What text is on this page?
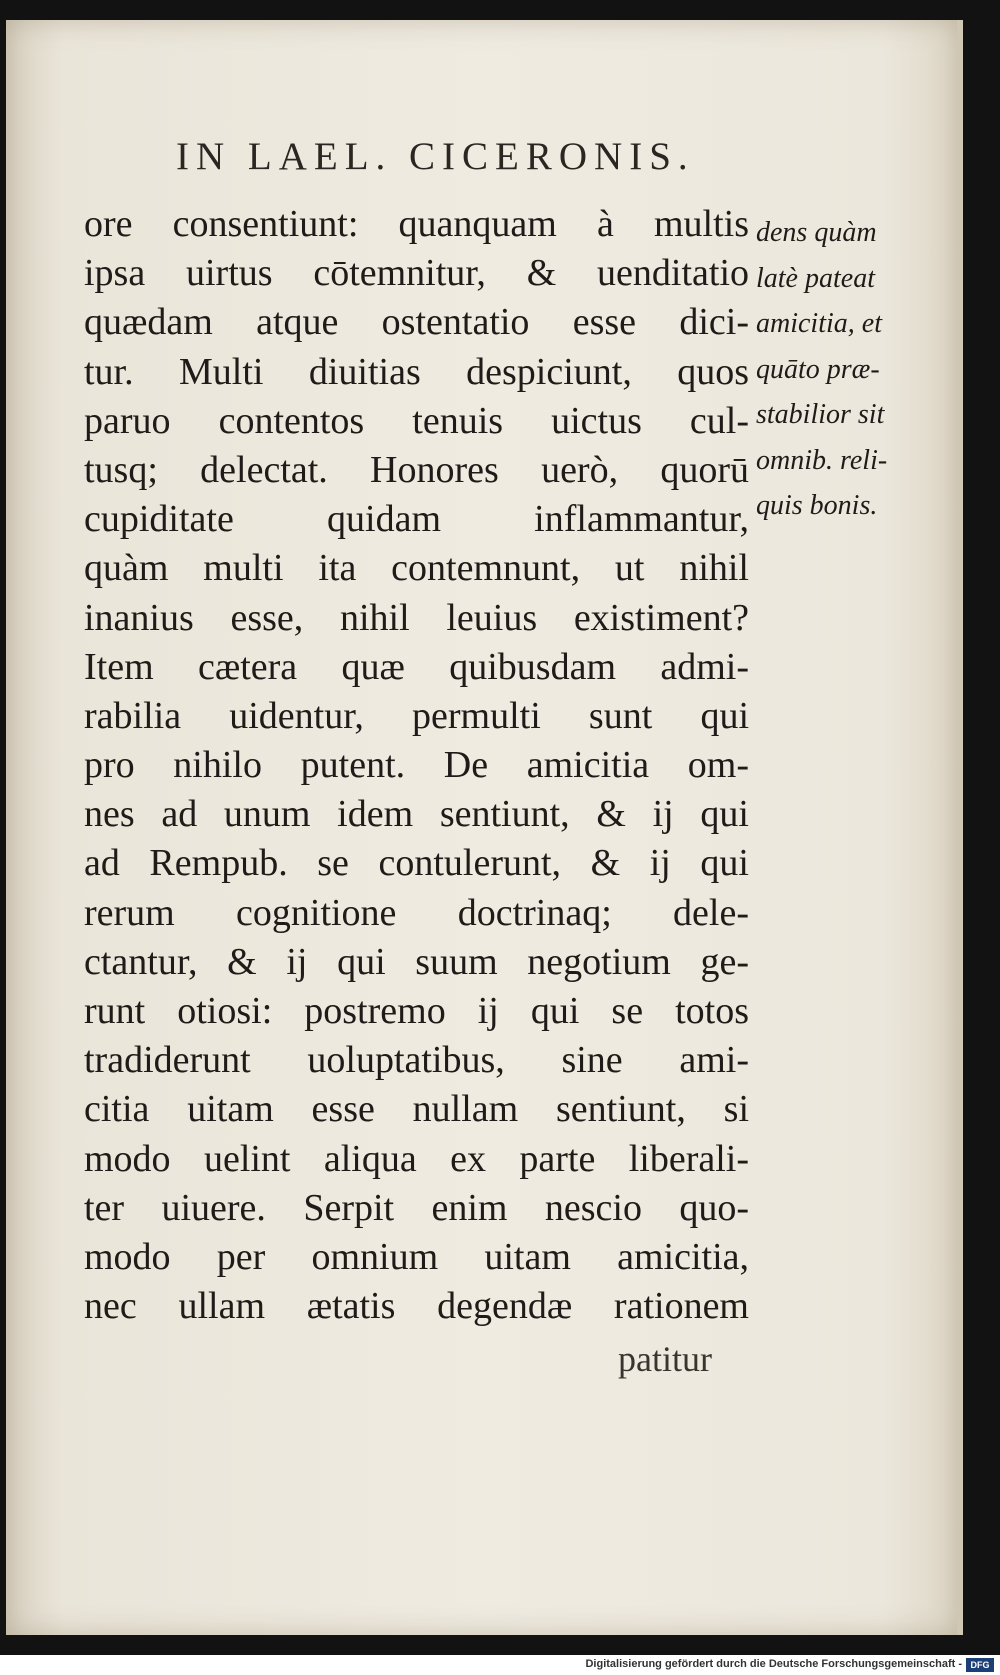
IN LAEL. CICERONIS.
ore consentiunt: quanquam à multis
ipsa uirtus cōtemnitur, & uenditatio
quædam atque ostentatio esse dici-
tur. Multi diuitias despiciunt, quos
paruo contentos tenuis uictus cul-
tusq; delectat. Honores uerò, quorū
cupiditate quidam inflammantur,
quàm multi ita contemnunt, ut nihil
inanius esse, nihil leuius existiment?
Item cætera quæ quibusdam admi-
rabilia uidentur, permulti sunt qui
pro nihilo putent. De amicitia om-
nes ad unum idem sentiunt, & ij qui
ad Rempub. se contulerunt, & ij qui
rerum cognitione doctrinaq; dele-
ctantur, & ij qui suum negotium ge-
runt otiosi: postremo ij qui se totos
tradiderunt uoluptatibus, sine ami-
citia uitam esse nullam sentiunt, si
modo uelint aliqua ex parte liberali-
ter uiuere. Serpit enim nescio quo-
modo per omnium uitam amicitia,
nec ullam ætatis degendæ rationem

patitur

dens quàm
latè pateat
amicitia, et
quāto præ-
stabilior sit
omnib. reli-
quis bonis.

Digitalisierung gefördert durch die Deutsche Forschungsgemeinschaft - DFG
